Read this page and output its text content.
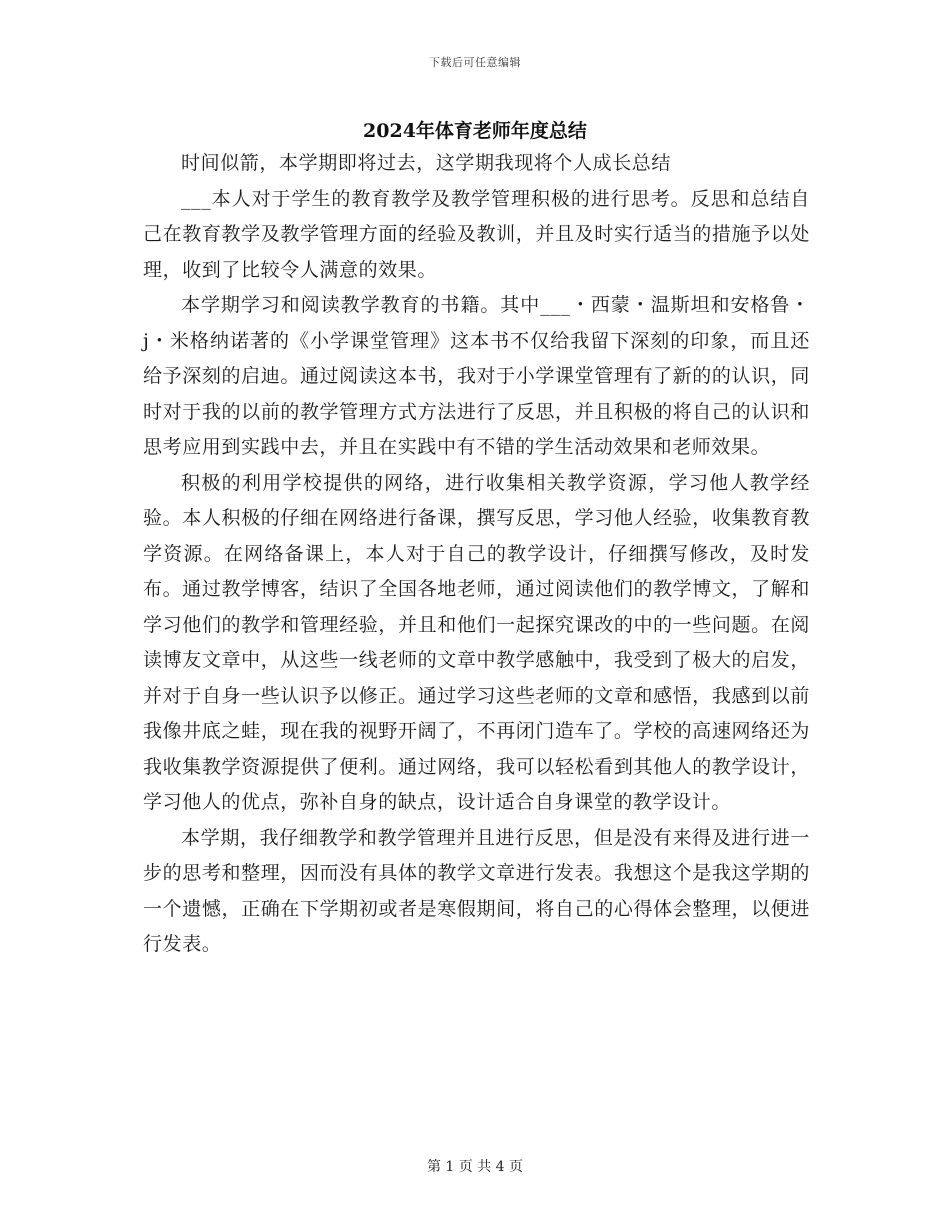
下载后可任意编辑
2024年体育老师年度总结

时间似箭，本学期即将过去，这学期我现将个人成长总结

___本人对于学生的教育教学及教学管理积极的进行思考。反思和总结自己在教育教学及教学管理方面的经验及教训，并且及时实行适当的措施予以处理，收到了比较令人满意的效果。

本学期学习和阅读教学教育的书籍。其中___・西蒙・温斯坦和安格鲁・j・米格纳诺著的《小学课堂管理》这本书不仅给我留下深刻的印象，而且还给予深刻的启迪。通过阅读这本书，我对于小学课堂管理有了新的的认识，同时对于我的以前的教学管理方式方法进行了反思，并且积极的将自己的认识和思考应用到实践中去，并且在实践中有不错的学生活动效果和老师效果。

积极的利用学校提供的网络，进行收集相关教学资源，学习他人教学经验。本人积极的仔细在网络进行备课，撰写反思，学习他人经验，收集教育教学资源。在网络备课上，本人对于自己的教学设计，仔细撰写修改，及时发布。通过教学博客，结识了全国各地老师，通过阅读他们的教学博文，了解和学习他们的教学和管理经验，并且和他们一起探究课改的中的一些问题。在阅读博友文章中，从这些一线老师的文章中教学感触中，我受到了极大的启发，并对于自身一些认识予以修正。通过学习这些老师的文章和感悟，我感到以前我像井底之蛙，现在我的视野开阔了，不再闭门造车了。学校的高速网络还为我收集教学资源提供了便利。通过网络，我可以轻松看到其他人的教学设计，学习他人的优点，弥补自身的缺点，设计适合自身课堂的教学设计。

本学期，我仔细教学和教学管理并且进行反思，但是没有来得及进行进一步的思考和整理，因而没有具体的教学文章进行发表。我想这个是我这学期的一个遗憾，正确在下学期初或者是寒假期间，将自己的心得体会整理，以便进行发表。

第 1 页 共 4 页
